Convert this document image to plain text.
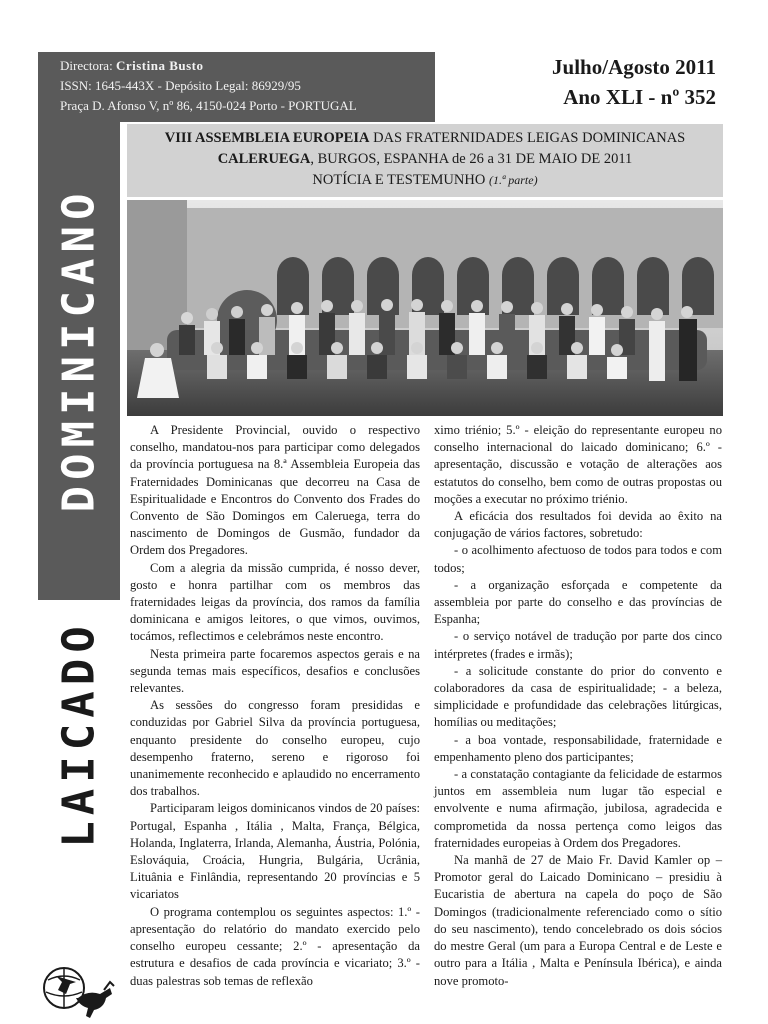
Directora: Cristina Busto
ISSN: 1645-443X - Depósito Legal: 86929/95
Praça D. Afonso V, nº 86, 4150-024 Porto - PORTUGAL
Julho/Agosto 2011
Ano XLI - nº 352
DOMINICANO
LAICADO
VIII ASSEMBLEIA EUROPEIA DAS FRATERNIDADES LEIGAS DOMINICANAS
CALERUEGA, BURGOS, ESPANHA de 26 a 31 DE MAIO DE 2011
NOTÍCIA E TESTEMUNHO (1.ª parte)

A Presidente Provincial, ouvido o respectivo conselho, mandatou-nos para participar como delegados da província portuguesa na 8.ª Assembleia Europeia das Fraternidades Dominicanas que decorreu na Casa de Espiritualidade e Encontros do Convento dos Frades do Convento de São Domingos em Caleruega, terra do nascimento de Domingos de Gusmão, fundador da Ordem dos Pregadores.

Com a alegria da missão cumprida, é nosso dever, gosto e honra partilhar com os membros das fraternidades leigas da província, dos ramos da família dominicana e amigos leitores, o que vimos, ouvimos, tocámos, reflectimos e celebrámos neste encontro.

Nesta primeira parte focaremos aspectos gerais e na segunda temas mais específicos, desafios e conclusões relevantes.

As sessões do congresso foram presididas e conduzidas por Gabriel Silva da província portuguesa, enquanto presidente do conselho europeu, cujo desempenho fraterno, sereno e rigoroso foi unanimemente reconhecido e aplaudido no encerramento dos trabalhos.

Participaram leigos dominicanos vindos de 20 países: Portugal, Espanha , Itália , Malta, França, Bélgica, Holanda, Inglaterra, Irlanda, Alemanha, Áustria, Polónia, Eslováquia, Croácia, Hungria, Bulgária, Ucrânia, Lituânia e Finlândia, representando 20 províncias e 5 vicariatos

O programa contemplou os seguintes aspectos: 1.º - apresentação do relatório do mandato exercido pelo conselho europeu cessante; 2.º - apresentação da estrutura e desafios de cada província e vicariato; 3.º - duas palestras sob temas de reflexão

ximo triénio; 5.º - eleição do representante europeu no conselho internacional do laicado dominicano; 6.º - apresentação, discussão e votação de alterações aos estatutos do conselho, bem como de outras propostas ou moções a executar no próximo triénio.

A eficácia dos resultados foi devida ao êxito na conjugação de vários factores, sobretudo:

- o acolhimento afectuoso de todos para todos e com todos;

- a organização esforçada e competente da assembleia por parte do conselho e das províncias de Espanha;

- o serviço notável de tradução por parte dos cinco intérpretes (frades e irmãs);

- a solicitude constante do prior do convento e colaboradores da casa de espiritualidade; - a beleza, simplicidade e profundidade das celebrações litúrgicas, homílias ou meditações;

- a boa vontade, responsabilidade, fraternidade e empenhamento pleno dos participantes;

- a constatação contagiante da felicidade de estarmos juntos em assembleia num lugar tão especial e envolvente e numa afirmação, jubilosa, agradecida e comprometida da nossa pertença como leigos das fraternidades europeias à Ordem dos Pregadores.

Na manhã de 27 de Maio Fr. David Kamler op – Promotor geral do Laicado Dominicano – presidiu à Eucaristia de abertura na capela do poço de São Domingos (tradicionalmente referenciado como o sítio do seu nascimento), tendo concelebrado os dois sócios do mestre Geral (um para a Europa Central e de Leste e outro para a Itália , Malta e Península Ibérica), e ainda nove promoto-
